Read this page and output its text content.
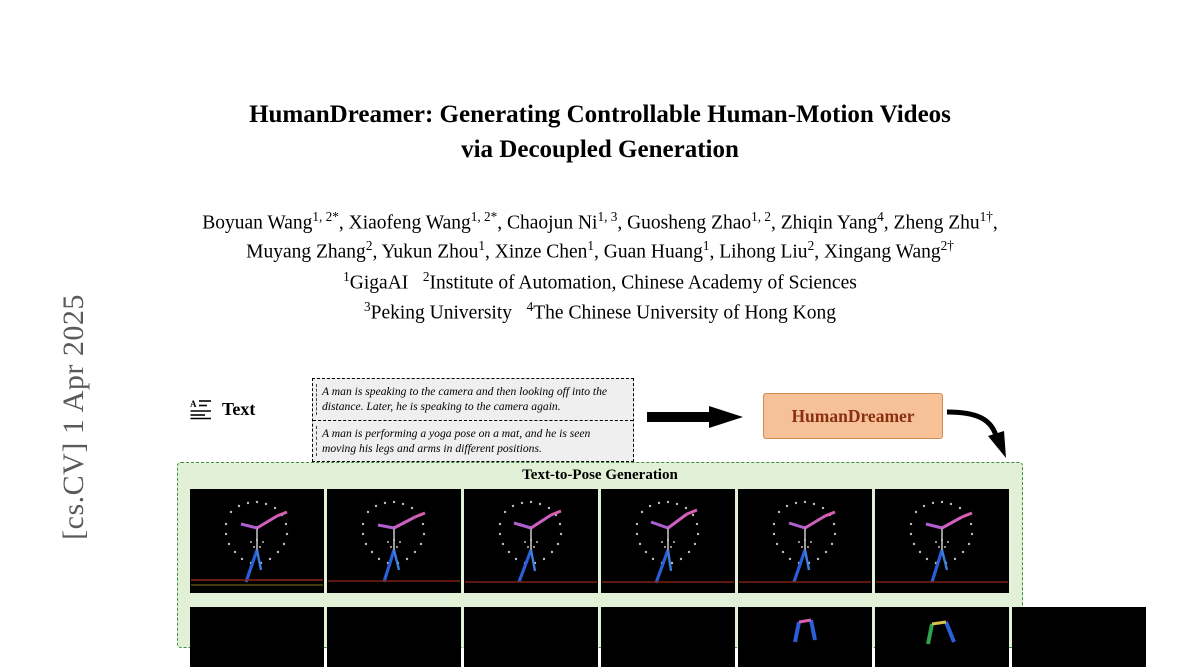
[cs.CV] 1 Apr 2025
HumanDreamer: Generating Controllable Human-Motion Videos
via Decoupled Generation
Boyuan Wang$^{1, 2*}$, Xiaofeng Wang$^{1, 2*}$, Chaojun Ni$^{1, 3}$, Guosheng Zhao$^{1, 2}$, Zhiqin Yang$^4$, Zheng Zhu$^{1\dagger}$,
Muyang Zhang$^2$, Yukun Zhou$^1$, Xinze Chen$^1$, Guan Huang$^1$, Lihong Liu$^2$, Xingang Wang$^{2\dagger}$
$^1$GigaAI   $^2$Institute of Automation, Chinese Academy of Sciences
$^3$Peking University   $^4$The Chinese University of Hong Kong
A Text
A man is speaking to the camera and then looking off into the distance. Later, he is speaking to the camera again.
A man is performing a yoga pose on a mat, and he is seen moving his legs and arms in different positions.
HumanDreamer
Text-to-Pose Generation
